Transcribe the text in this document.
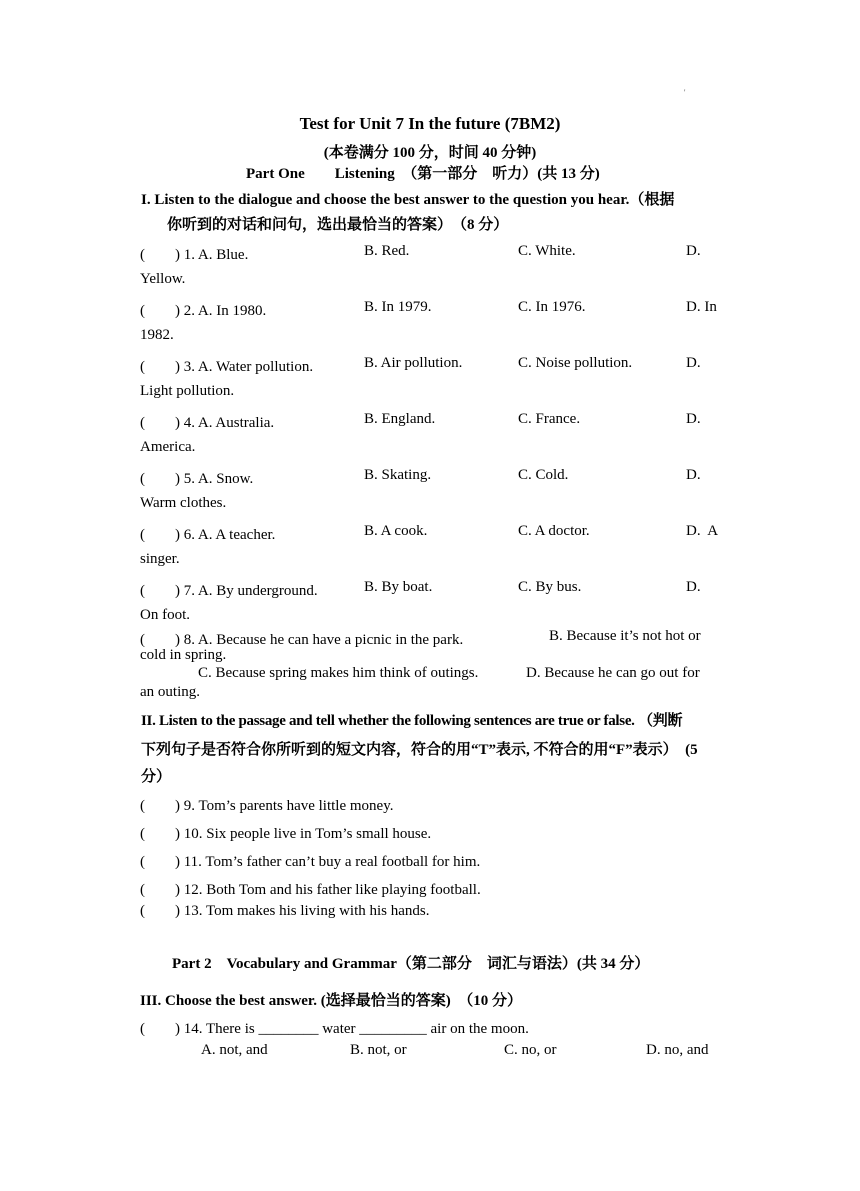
'
Test for Unit 7 In the future (7BM2)
(本卷满分 100 分，时间 40 分钟)
Part One　　Listening　（第一部分　听力）(共 13 分)
I. Listen to the dialogue and choose the best answer to the question you hear.（根据
你听到的对话和问句，选出最恰当的答案）　（8 分）
(　　) 1. A. Blue.	B. Red.	C. White.	D.
Yellow.
(　　) 2. A. In 1980.	B. In 1979.	C. In 1976.	D. In
1982.
(　　) 3. A. Water pollution.	B. Air pollution.	C. Noise pollution.	D.
Light pollution.
(　　) 4. A. Australia.	B. England.	C. France.	D.
America.
(　　) 5. A. Snow.	B. Skating.	C. Cold.	D.
Warm clothes.
(　　) 6. A. A teacher.	B. A cook.	C. A doctor.	D.  A
singer.
(　　) 7. A. By underground.	B. By boat.	C. By bus.	D.
On foot.
(　　) 8. A. Because he can have a picnic in the park.	B. Because it’s not hot or
cold in spring.
C. Because spring makes him think of outings.	D. Because he can go out for
an outing.
II. Listen to the passage and tell whether the following sentences are true or false. （判断
下列句子是否符合你所听到的短文内容，符合的用“T”表示, 不符合的用“F”表示）　(5
分）
(　　) 9. Tom’s parents have little money.
(　　) 10. Six people live in Tom’s small house.
(　　) 11. Tom’s father can’t buy a real football for him.
(　　) 12. Both Tom and his father like playing football.
(　　) 13. Tom makes his living with his hands.
Part 2　Vocabulary and Grammar（第二部分　词汇与语法）(共 34 分）
III. Choose the best answer. (选择最恰当的答案)　（10 分）
(　　) 14. There is ________ water _________ air on the moon.
A. not, and	B. not, or	C. no, or	D. no, and
